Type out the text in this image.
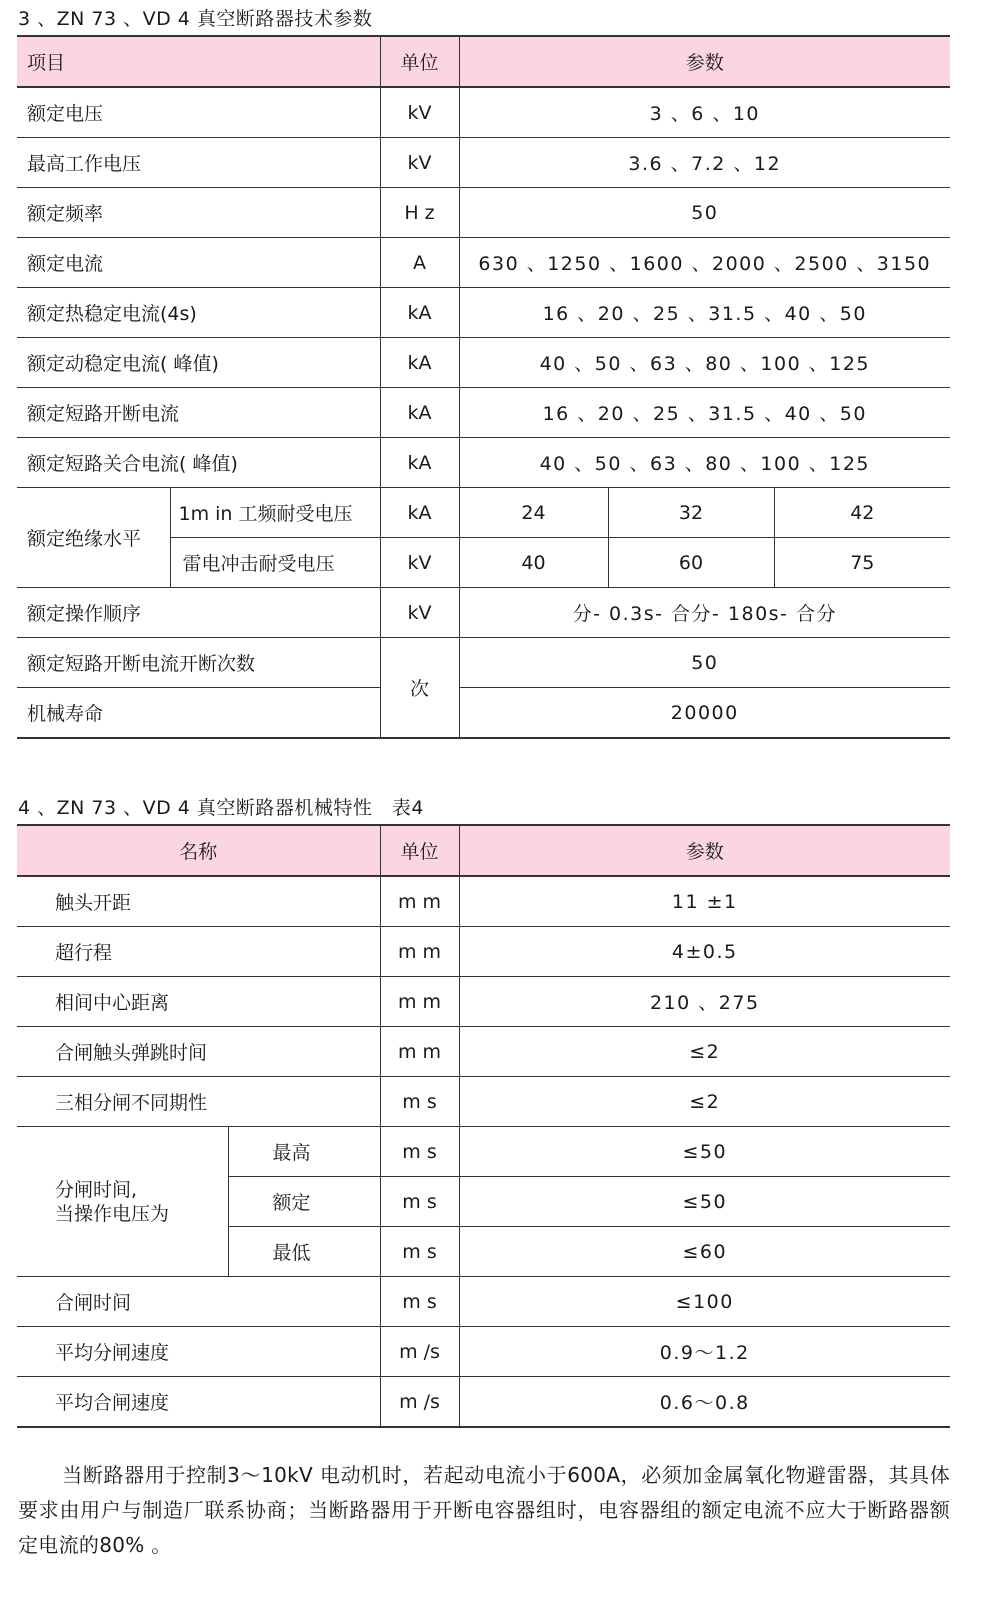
3 、ZN 73 、VD 4 真空断路器技术参数
项目		单位	参数		
额定电压		kV	3 、6 、10		
最高工作电压		kV	3.6 、7.2 、12		
额定频率		H z	50		
额定电流		A	630 、1250 、1600 、2000 、2500 、3150		
额定热稳定电流(4s)		kA	16 、20 、25 、31.5 、40 、50		
额定动稳定电流( 峰值)		kA	40 、50 、63 、80 、100 、125		
额定短路开断电流		kA	16 、20 、25 、31.5 、40 、50		
额定短路关合电流( 峰值)		kA	40 、50 、63 、80 、100 、125		
额定绝缘水平	1m in 工频耐受电压	kA	24	32	42
	雷电冲击耐受电压	kV	40	60	75
额定操作顺序		kV	分- 0.3s- 合分- 180s- 合分		
额定短路开断电流开断次数		次	50		
机械寿命			20000		
4 、ZN 73 、VD 4 真空断路器机械特性　表4
名称		单位	参数
触头开距		m m	11 ±1
超行程		m m	4±0.5
相间中心距离		m m	210 、275
合闸触头弹跳时间		m m	≤2
三相分闸不同期性		m s	≤2

分闸时间,
当操作电压为	最高	m s	≤50
	额定	m s	≤50
	最低	m s	≤60
合闸时间		m s	≤100
平均分闸速度		m /s	0.9～1.2
平均合闸速度		m /s	0.6～0.8
当断路器用于控制3～10kV 电动机时，若起动电流小于600A，必须加金属氧化物避雷器，其具体要求由用户与制造厂联系协商；当断路器用于开断电容器组时，电容器组的额定电流不应大于断路器额定电流的80% 。
